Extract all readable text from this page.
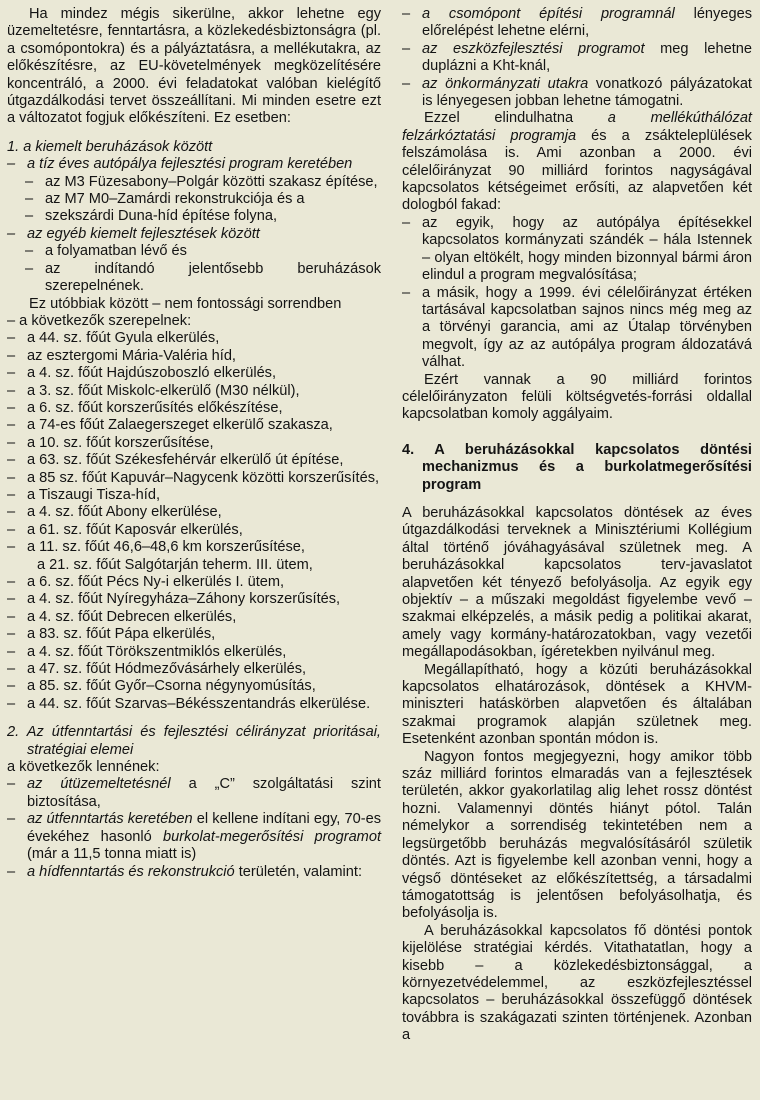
Ha mindez mégis sikerülne, akkor lehetne egy üzemeltetésre, fenntartásra, a közlekedésbiztonságra (pl. a csomópontokra) és a pályáztatásra, a mellékutakra, az előkészítésre, az EU-követelmények megközelítésére koncentráló, a 2000. évi feladatokat valóban kielégítő útgazdálkodási tervet összeállítani. Mi minden esetre ezt a változatot fogjuk előkészíteni. Ez esetben:

1. a kiemelt beruházások között

– a tíz éves autópálya fejlesztési program keretében
– az M3 Füzesabony–Polgár közötti szakasz építése,
– az M7 M0–Zamárdi rekonstrukciója és a
– szekszárdi Duna-híd építése folyna,
– az egyéb kiemelt fejlesztések között
– a folyamatban lévő és
– az indítandó jelentősebb beruházások szerepelnének.

Ez utóbbiak között – nem fontossági sorrendben

– a következők szerepelnek:

– a 44. sz. főút Gyula elkerülés,
– az esztergomi Mária-Valéria híd,
– a 4. sz. főút Hajdúszoboszló elkerülés,
– a 3. sz. főút Miskolc-elkerülő (M30 nélkül),
– a 6. sz. főút korszerűsítés előkészítése,
– a 74-es főút Zalaegerszeget elkerülő szakasza,
– a 10. sz. főút korszerűsítése,
– a 63. sz. főút Székesfehérvár elkerülő út építése,
– a 85 sz. főút Kapuvár–Nagycenk közötti korszerűsítés,
– a Tiszaugi Tisza-híd,
– a 4. sz. főút Abony elkerülése,
– a 61. sz. főút Kaposvár elkerülés,
– a 11. sz. főút 46,6–48,6 km korszerűsítése,
a 21. sz. főút Salgótarján teherm. III. ütem,
– a 6. sz. főút Pécs Ny-i elkerülés I. ütem,
– a 4. sz. főút Nyíregyháza–Záhony korszerűsítés,
– a 4. sz. főút Debrecen elkerülés,
– a 83. sz. főút Pápa elkerülés,
– a 4. sz. főút Törökszentmiklós elkerülés,
– a 47. sz. főút Hódmezővásárhely elkerülés,
– a 85. sz. főút Győr–Csorna négynyomúsítás,
– a 44. sz. főút Szarvas–Békésszentandrás elkerülése.

2. Az útfenntartási és fejlesztési célirányzat prioritásai, stratégiai elemei

a következők lennének:

– az útüzemeltetésnél a „C” szolgáltatási szint biztosítása,
– az útfenntartás keretében el kellene indítani egy, 70-es évekéhez hasonló burkolat-megerősítési programot (már a 11,5 tonna miatt is)
– a hídfenntartás és rekonstrukció területén, valamint:
– a csomópont építési programnál lényeges előrelépést lehetne elérni,
– az eszközfejlesztési programot meg lehetne duplázni a Kht-knál,
– az önkormányzati utakra vonatkozó pályázatokat is lényegesen jobban lehetne támogatni.

Ezzel elindulhatna a mellékúthálózat felzárkóztatási programja és a zsákteleplülések felszámolása is. Ami azonban a 2000. évi célelőirányzat 90 milliárd forintos nagyságával kapcsolatos kétségeimet erősíti, az alapvetően két dologból fakad:

– az egyik, hogy az autópálya építésekkel kapcsolatos kormányzati szándék – hála Istennek – olyan eltökélt, hogy minden bizonnyal bármi áron elindul a program megvalósítása;
– a másik, hogy a 1999. évi célelőirányzat értéken tartásával kapcsolatban sajnos nincs még meg az a törvényi garancia, ami az Útalap törvényben megvolt, így az az autópálya program áldozatává válhat.

Ezért vannak a 90 milliárd forintos célelőirányzaton felüli költségvetés-forrási oldallal kapcsolatban komoly aggályaim.

4. A beruházásokkal kapcsolatos döntési mechanizmus és a burkolatmegerősítési program

A beruházásokkal kapcsolatos döntések az éves útgazdálkodási terveknek a Minisztériumi Kollégium által történő jóváhagyásával születnek meg. A beruházásokkal kapcsolatos terv-javaslatot alapvetően két tényező befolyásolja. Az egyik egy objektív – a műszaki megoldást figyelembe vevő – szakmai elképzelés, a másik pedig a politikai akarat, amely vagy kormány-határozatokban, vagy vezetői megállapodásokban, ígéretekben nyilvánul meg.

Megállapítható, hogy a közúti beruházásokkal kapcsolatos elhatározások, döntések a KHVM-miniszteri hatáskörben alapvetően és általában szakmai programok alapján születnek meg. Esetenként azonban spontán módon is.

Nagyon fontos megjegyezni, hogy amikor több száz milliárd forintos elmaradás van a fejlesztések területén, akkor gyakorlatilag alig lehet rossz döntést hozni. Valamennyi döntés hiányt pótol. Talán némelykor a sorrendiség tekintetében nem a legsürgetőbb beruházás megvalósításáról születik döntés. Azt is figyelembe kell azonban venni, hogy a végső döntéseket az előkészítettség, a társadalmi támogatottság is jelentősen befolyásolhatja, és befolyásolja is.

A beruházásokkal kapcsolatos fő döntési pontok kijelölése stratégiai kérdés. Vitathatatlan, hogy a kisebb – a közlekedésbiztonsággal, a környezetvédelemmel, az eszközfejlesztéssel kapcsolatos – beruházásokkal összefüggő döntések továbbra is szakágazati szinten történjenek. Azonban a
